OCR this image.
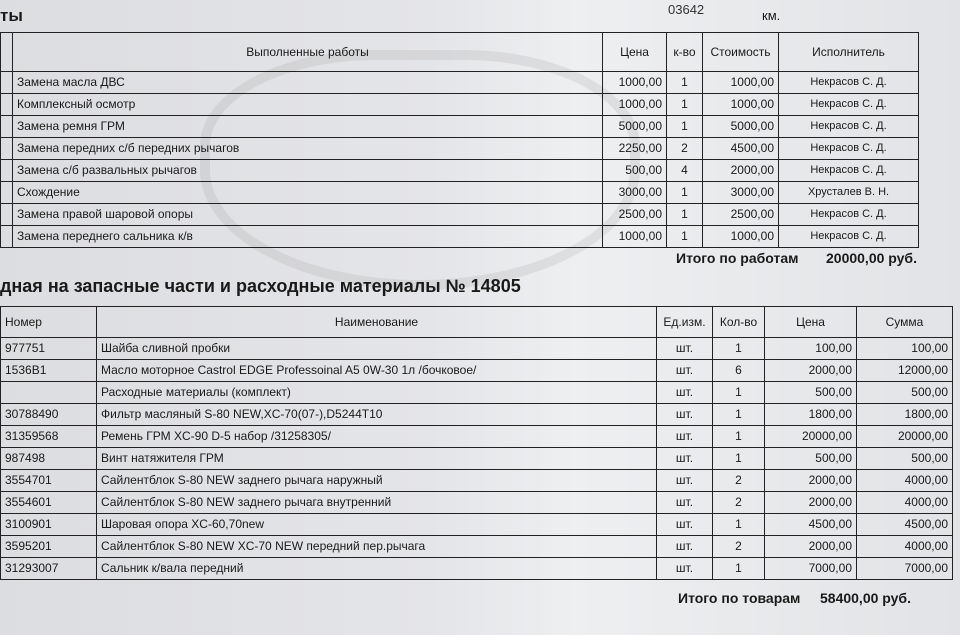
03642	км.
ты
	Выполненные работы	Цена	к-во	Стоимость	Исполнитель
	Замена масла ДВС	1000,00	1	1000,00	Некрасов С. Д.
	Комплексный осмотр	1000,00	1	1000,00	Некрасов С. Д.
	Замена ремня ГРМ	5000,00	1	5000,00	Некрасов С. Д.
	Замена передних с/б передних рычагов	2250,00	2	4500,00	Некрасов С. Д.
	Замена с/б развальных рычагов	500,00	4	2000,00	Некрасов С. Д.
	Схождение	3000,00	1	3000,00	Хрусталев В. Н.
	Замена правой шаровой опоры	2500,00	1	2500,00	Некрасов С. Д.
	Замена переднего сальника к/в	1000,00	1	1000,00	Некрасов С. Д.
Итого по работам 20000,00 руб.
дная на запасные части и расходные материалы № 14805
Номер	Наименование	Ед.изм.	Кол-во	Цена	Сумма
977751	Шайба сливной пробки	шт.	1	100,00	100,00
1536B1	Масло моторное Castrol EDGE Professoinal A5 0W-30 1л /бочковое/	шт.	6	2000,00	12000,00
	Расходные материалы (комплект)	шт.	1	500,00	500,00
30788490	Фильтр масляный S-80 NEW,XC-70(07-),D5244T10	шт.	1	1800,00	1800,00
31359568	Ремень ГРМ XC-90 D-5 набор /31258305/	шт.	1	20000,00	20000,00
987498	Винт натяжителя ГРМ	шт.	1	500,00	500,00
3554701	Сайлентблок S-80 NEW заднего рычага наружный	шт.	2	2000,00	4000,00
3554601	Сайлентблок S-80 NEW заднего рычага внутренний	шт.	2	2000,00	4000,00
3100901	Шаровая опора XC-60,70new	шт.	1	4500,00	4500,00
3595201	Сайлентблок S-80 NEW XC-70 NEW передний пер.рычага	шт.	2	2000,00	4000,00
31293007	Сальник к/вала передний	шт.	1	7000,00	7000,00
Итого по товарам 58400,00 руб.
